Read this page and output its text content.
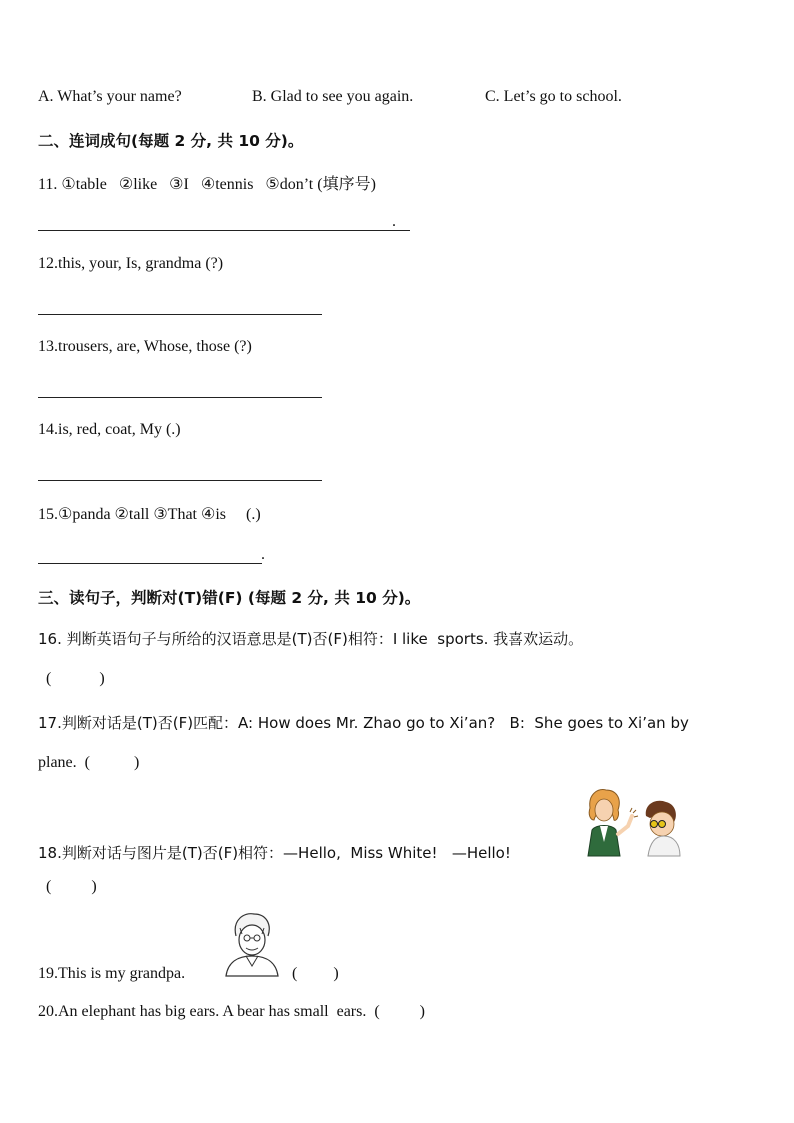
A. What’s your name?	B. Glad to see you again.	C. Let’s go to school.
二、连词成句(每题 2 分, 共 10 分)。
11. ①table   ②like   ③I   ④tennis   ⑤don’t (填序号)
.
12.this, your, Is, grandma (?)
13.trousers, are, Whose, those (?)
14.is, red, coat, My (.)
15.①panda ②tall ③That ④is     (.)
.
三、读句子，判断对(T)错(F) (每题 2 分, 共 10 分)。
16. 判断英语句子与所给的汉语意思是(T)否(F)相符：I like  sports. 我喜欢运动。
(            )
17.判断对话是(T)否(F)匹配：A: How does Mr. Zhao go to Xi’an?   B:  She goes to Xi’an by
plane.  (           )
18.判断对话与图片是(T)否(F)相符：—Hello,  Miss White!   —Hello!
(          )
19.This is my grandpa.	(         )
20.An elephant has big ears. A bear has small  ears.  (          )
